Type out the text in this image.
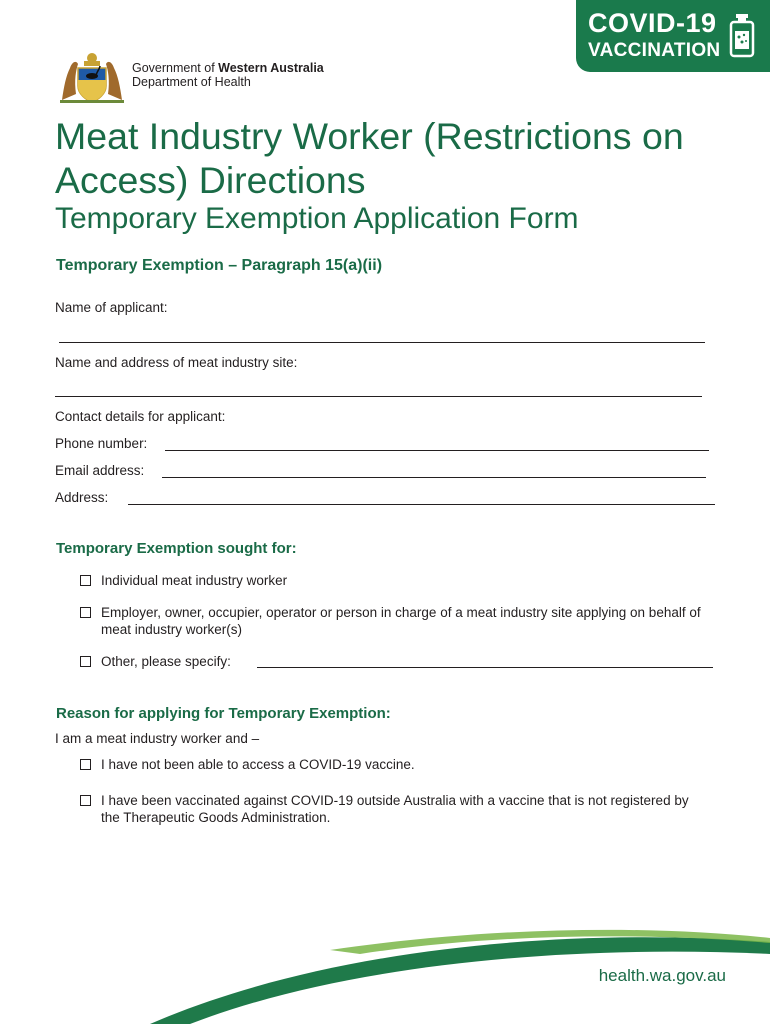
Government of Western Australia
Department of Health
COVID-19
VACCINATION
Meat Industry Worker (Restrictions on Access) Directions
Temporary Exemption Application Form
Temporary Exemption – Paragraph 15(a)(ii)
Name of applicant:
Name and address of meat industry site:
Contact details for applicant:
Phone number:
Email address:
Address:
Temporary Exemption sought for:
Individual meat industry worker
Employer, owner, occupier, operator or person in charge of a meat industry site applying on behalf of meat industry worker(s)
Other, please specify:
Reason for applying for Temporary Exemption:
I am a meat industry worker and –
I have not been able to access a COVID-19 vaccine.
I have been vaccinated against COVID-19 outside Australia with a vaccine that is not registered by the Therapeutic Goods Administration.
health.wa.gov.au
